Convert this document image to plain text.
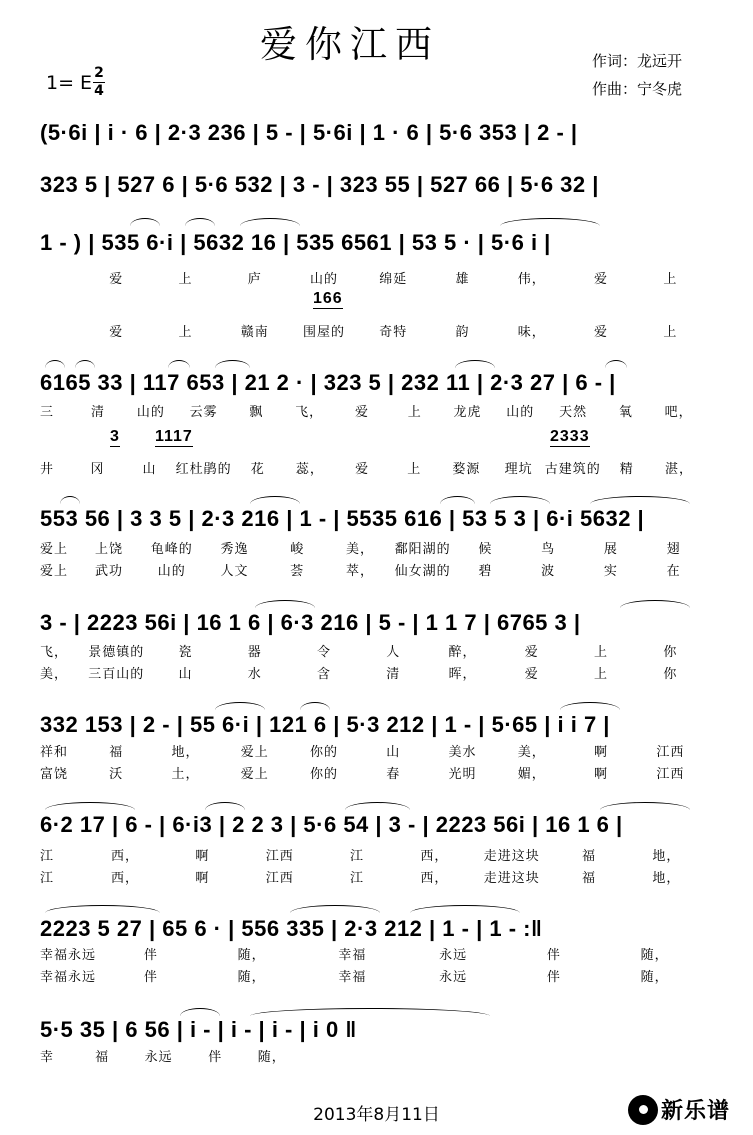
爱你江西	作词：龙远开
作曲：宁冬虎
1= E 2
4
(5·6i | i · 6 | 2·3 236 | 5 - | 5·6i | 1 · 6 | 5·6 353 | 2 - |
323 5 | 527 6 | 5·6 532 | 3 - | 323 55 | 527 66 | 5·6 32 |
1 - ) | 535 6·i | 5632 16 | 535 6561 | 53 5 · | 5·6 i |
爱	上	庐	山的	绵延	雄	伟，	爱	上
166
爱	上	赣南	围屋的	奇特	韵	味，	爱	上
6165 33 | 117 653 | 21 2 · | 323 5 | 232 11 | 2·3 27 | 6 - |
三	清	山的	云雾	飘	飞，	爱	上	龙虎	山的	天然	氧	吧，
3 1117	2333
井	冈	山	红杜鹃的	花	蕊，	爱	上	婺源	理坑 古建筑的	精	湛，
553 56 | 3 3 5 | 2·3 216 | 1 - | 5535 616 | 53 5 3 | 6·i 5632 |
爱上	上饶	龟峰的	秀逸	峻	美，	鄱阳湖的	候	鸟	展	翅
爱上	武功	山的	人文	荟	萃，	仙女湖的	碧	波	实	在
3 - | 2223 56i | 16 1 6 | 6·3 216 | 5 - | 1 1 7 | 6765 3 |
飞，	景德镇的	瓷	器	令	人	醉，	爱	上	你
美，	三百山的	山	水	含	清	晖，	爱	上	你
332 153 | 2 - | 55 6·i | 121 6 | 5·3 212 | 1 - | 5·65 | i i 7 |
祥和	福	地，	爱上	你的	山	美水	美，	啊	江西
富饶	沃	土，	爱上	你的	春	光明	媚，	啊	江西
6·2 17 | 6 - | 6·i3 | 2 2 3 | 5·6 54 | 3 - | 2223 56i | 16 1 6 |
江	西，	啊	江西	江	西，	走进这块	福	地，
江	西，	啊	江西	江	西，	走进这块	福	地，
2223 5 27 | 65 6 · | 556 335 | 2·3 212 | 1 - | 1 - :‖
幸福永远	伴	随，	幸福	永远	伴	随，
幸福永远	伴	随，	幸福	永远	伴	随，
5·5 35 | 6 56 | i - | i - | i - | i 0 ‖
幸	福	永远	伴	随，
2013年8月11日	新乐谱
